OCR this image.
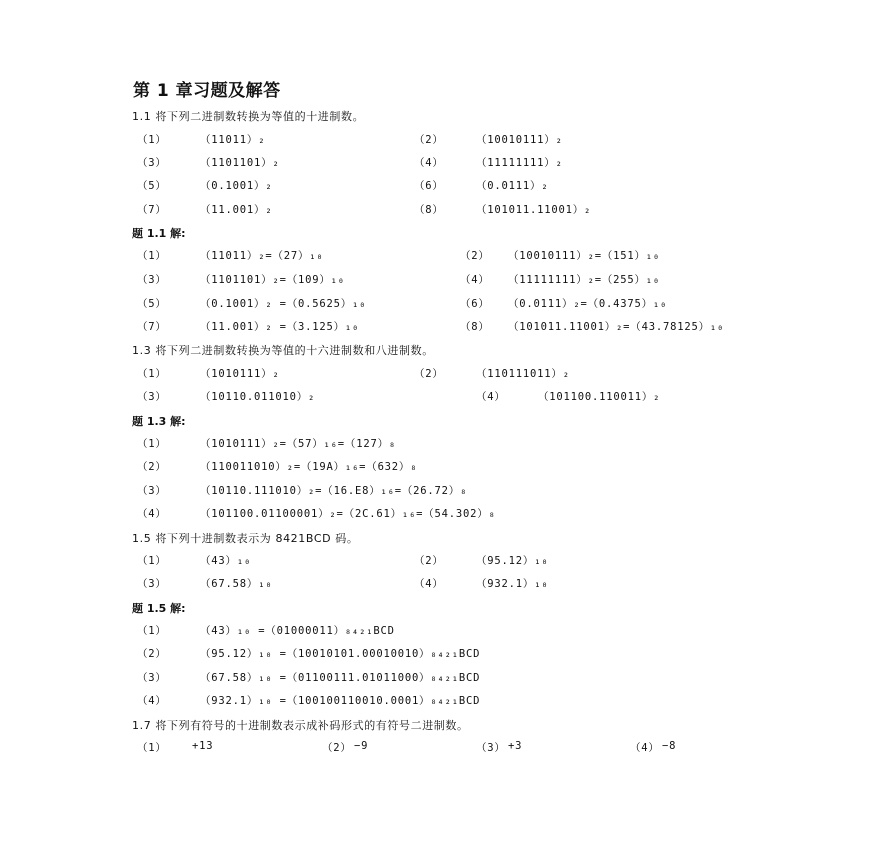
第 1 章习题及解答
1.1 将下列二进制数转换为等值的十进制数。
（1）	（11011）₂	（2）	（10010111）₂
（3）	（1101101）₂	（4）	（11111111）₂
（5）	（0.1001）₂	（6）	（0.0111）₂
（7）	（11.001）₂	（8）	（101011.11001）₂
题 1.1 解:
（1）	（11011）₂=（27）₁₀	（2） （10010111）₂=（151）₁₀
（3）	（1101101）₂=（109）₁₀	（4） （11111111）₂=（255）₁₀
（5）	（0.1001）₂ =（0.5625）₁₀	（6） （0.0111）₂=（0.4375）₁₀
（7）	（11.001）₂ =（3.125）₁₀	（8） （101011.11001）₂=（43.78125）₁₀
1.3 将下列二进制数转换为等值的十六进制数和八进制数。
（1）	（1010111）₂	（2）	（110111011）₂
（3）	（10110.011010）₂	（4）	（101100.110011）₂
题 1.3 解:
（1）	（1010111）₂=（57）₁₆=（127）₈
（2）	（110011010）₂=（19A）₁₆=（632）₈
（3）	（10110.111010）₂=（16.E8）₁₆=（26.72）₈
（4）	（101100.01100001）₂=（2C.61）₁₆=（54.302）₈
1.5 将下列十进制数表示为 8421BCD 码。
（1）	（43）₁₀	（2）	（95.12）₁₀
（3）	（67.58）₁₀	（4）	（932.1）₁₀
题 1.5 解:
（1）	（43）₁₀ =（01000011）₈₄₂₁BCD
（2）	（95.12）₁₀ =（10010101.00010010）₈₄₂₁BCD
（3）	（67.58）₁₀ =（01100111.01011000）₈₄₂₁BCD
（4）	（932.1）₁₀ =（100100110010.0001）₈₄₂₁BCD
1.7 将下列有符号的十进制数表示成补码形式的有符号二进制数。
（1） +13	（2） −9	（3） +3	（4） −8
